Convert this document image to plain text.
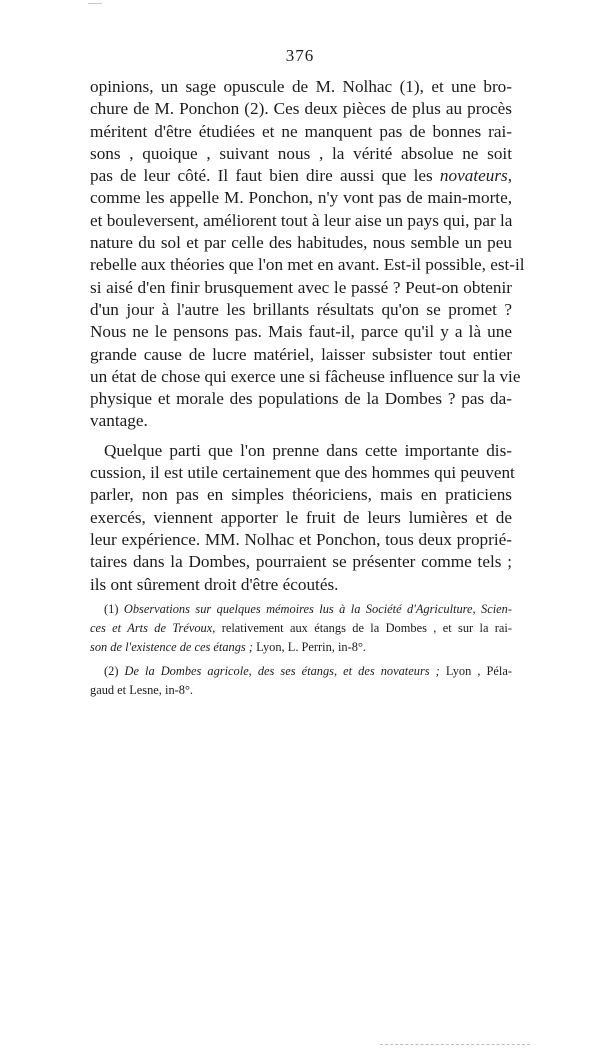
376
opinions, un sage opuscule de M. Nolhac (1), et une bro-
chure de M. Ponchon (2). Ces deux pièces de plus au procès
méritent d'être étudiées et ne manquent pas de bonnes rai-
sons , quoique , suivant nous , la vérité absolue ne soit
pas de leur côté. Il faut bien dire aussi que les novateurs,
comme les appelle M. Ponchon, n'y vont pas de main-morte,
et bouleversent, améliorent tout à leur aise un pays qui, par la
nature du sol et par celle des habitudes, nous semble un peu
rebelle aux théories que l'on met en avant. Est-il possible, est-il
si aisé d'en finir brusquement avec le passé ? Peut-on obtenir
d'un jour à l'autre les brillants résultats qu'on se promet ?
Nous ne le pensons pas. Mais faut-il, parce qu'il y a là une
grande cause de lucre matériel, laisser subsister tout entier
un état de chose qui exerce une si fâcheuse influence sur la vie
physique et morale des populations de la Dombes ? pas da-
vantage.
Quelque parti que l'on prenne dans cette importante dis-
cussion, il est utile certainement que des hommes qui peuvent
parler, non pas en simples théoriciens, mais en praticiens
exercés, viennent apporter le fruit de leurs lumières et de
leur expérience. MM. Nolhac et Ponchon, tous deux proprié-
taires dans la Dombes, pourraient se présenter comme tels ;
ils ont sûrement droit d'être écoutés.
(1) Observations sur quelques mémoires lus à la Société d'Agriculture, Scien-
ces et Arts de Trévoux, relativement aux étangs de la Dombes , et sur la rai-
son de l'existence de ces étangs ; Lyon, L. Perrin, in-8°.
(2) De la Dombes agricole, des ses étangs, et des novateurs ; Lyon , Péla-
gaud et Lesne, in-8°.
